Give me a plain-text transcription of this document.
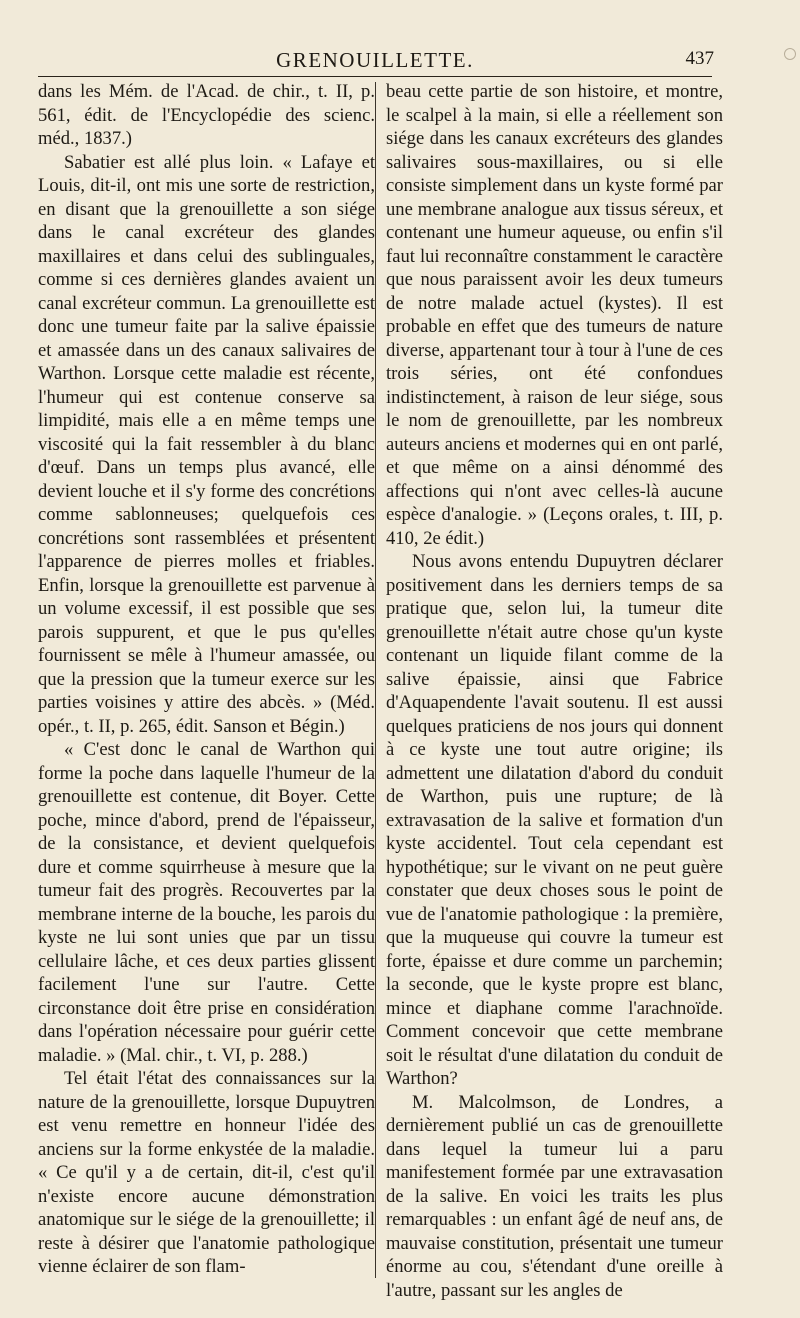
GRENOUILLETTE.	437

dans les Mém. de l'Acad. de chir., t. II, p. 561, édit. de l'Encyclopédie des scienc. méd., 1837.)

Sabatier est allé plus loin. « Lafaye et Louis, dit-il, ont mis une sorte de restriction, en disant que la grenouillette a son siége dans le canal excréteur des glandes maxillaires et dans celui des sublinguales, comme si ces dernières glandes avaient un canal excréteur commun. La grenouillette est donc une tumeur faite par la salive épaissie et amassée dans un des canaux salivaires de Warthon. Lorsque cette maladie est récente, l'humeur qui est contenue conserve sa limpidité, mais elle a en même temps une viscosité qui la fait ressembler à du blanc d'œuf. Dans un temps plus avancé, elle devient louche et il s'y forme des concrétions comme sablonneuses; quelquefois ces concrétions sont rassemblées et présentent l'apparence de pierres molles et friables. Enfin, lorsque la grenouillette est parvenue à un volume excessif, il est possible que ses parois suppurent, et que le pus qu'elles fournissent se mêle à l'humeur amassée, ou que la pression que la tumeur exerce sur les parties voisines y attire des abcès. » (Méd. opér., t. II, p. 265, édit. Sanson et Bégin.)

« C'est donc le canal de Warthon qui forme la poche dans laquelle l'humeur de la grenouillette est contenue, dit Boyer. Cette poche, mince d'abord, prend de l'épaisseur, de la consistance, et devient quelquefois dure et comme squirrheuse à mesure que la tumeur fait des progrès. Recouvertes par la membrane interne de la bouche, les parois du kyste ne lui sont unies que par un tissu cellulaire lâche, et ces deux parties glissent facilement l'une sur l'autre. Cette circonstance doit être prise en considération dans l'opération nécessaire pour guérir cette maladie. » (Mal. chir., t. VI, p. 288.)

Tel était l'état des connaissances sur la nature de la grenouillette, lorsque Dupuytren est venu remettre en honneur l'idée des anciens sur la forme enkystée de la maladie. « Ce qu'il y a de certain, dit-il, c'est qu'il n'existe encore aucune démonstration anatomique sur le siége de la grenouillette; il reste à désirer que l'anatomie pathologique vienne éclairer de son flam-

beau cette partie de son histoire, et montre, le scalpel à la main, si elle a réellement son siége dans les canaux excréteurs des glandes salivaires sous-maxillaires, ou si elle consiste simplement dans un kyste formé par une membrane analogue aux tissus séreux, et contenant une humeur aqueuse, ou enfin s'il faut lui reconnaître constamment le caractère que nous paraissent avoir les deux tumeurs de notre malade actuel (kystes). Il est probable en effet que des tumeurs de nature diverse, appartenant tour à tour à l'une de ces trois séries, ont été confondues indistinctement, à raison de leur siége, sous le nom de grenouillette, par les nombreux auteurs anciens et modernes qui en ont parlé, et que même on a ainsi dénommé des affections qui n'ont avec celles-là aucune espèce d'analogie. » (Leçons orales, t. III, p. 410, 2e édit.)

Nous avons entendu Dupuytren déclarer positivement dans les derniers temps de sa pratique que, selon lui, la tumeur dite grenouillette n'était autre chose qu'un kyste contenant un liquide filant comme de la salive épaissie, ainsi que Fabrice d'Aquapendente l'avait soutenu. Il est aussi quelques praticiens de nos jours qui donnent à ce kyste une tout autre origine; ils admettent une dilatation d'abord du conduit de Warthon, puis une rupture; de là extravasation de la salive et formation d'un kyste accidentel. Tout cela cependant est hypothétique; sur le vivant on ne peut guère constater que deux choses sous le point de vue de l'anatomie pathologique : la première, que la muqueuse qui couvre la tumeur est forte, épaisse et dure comme un parchemin; la seconde, que le kyste propre est blanc, mince et diaphane comme l'arachnoïde. Comment concevoir que cette membrane soit le résultat d'une dilatation du conduit de Warthon?

M. Malcolmson, de Londres, a dernièrement publié un cas de grenouillette dans lequel la tumeur lui a paru manifestement formée par une extravasation de la salive. En voici les traits les plus remarquables : un enfant âgé de neuf ans, de mauvaise constitution, présentait une tumeur énorme au cou, s'étendant d'une oreille à l'autre, passant sur les angles de
